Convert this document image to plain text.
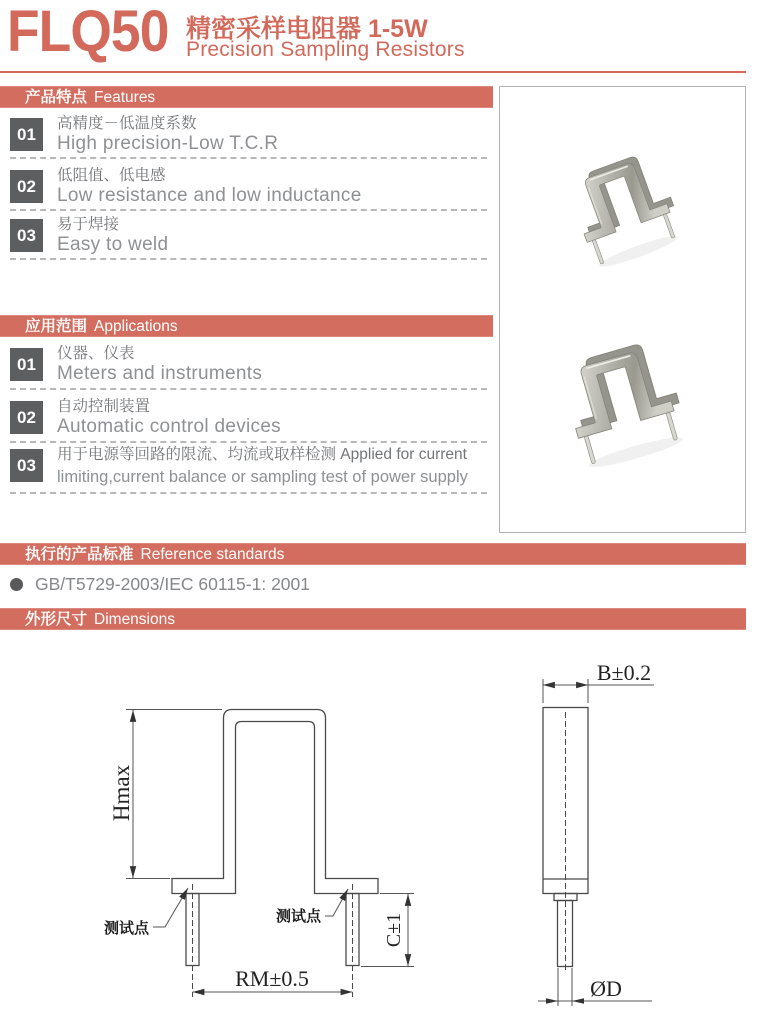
FLQ50 精密采样电阻器 1-5W
Precision Sampling Resistors
产品特点 Features
01
高精度－低温度系数
High precision-Low T.C.R
02
低阻值、低电感
Low resistance and low inductance
03
易于焊接
Easy to weld
应用范围 Applications
01
仪器、仪表
Meters and instruments
02
自动控制装置
Automatic control devices
03
用于电源等回路的限流、均流或取样检测 Applied for current
limiting,current balance or sampling test of power supply
执行的产品标准 Reference standards
GB/T5729-2003/IEC 60115-1: 2001
外形尺寸 Dimensions
Hmax
RM±0.5
C±1
测试点
测试点
B±0.2
ØD
